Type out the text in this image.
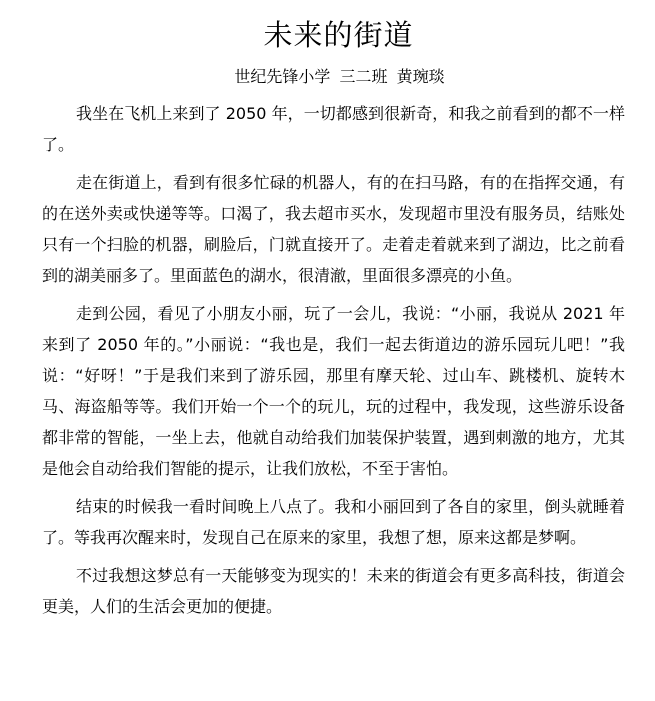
未来的街道
世纪先锋小学 三二班 黄琬琰

我坐在飞机上来到了 2050 年，一切都感到很新奇，和我之前看到的都不一样了。

走在街道上，看到有很多忙碌的机器人，有的在扫马路，有的在指挥交通，有的在送外卖或快递等等。口渴了，我去超市买水，发现超市里没有服务员，结账处只有一个扫脸的机器，刷脸后，门就直接开了。走着走着就来到了湖边，比之前看到的湖美丽多了。里面蓝色的湖水，很清澈，里面很多漂亮的小鱼。

走到公园，看见了小朋友小丽，玩了一会儿，我说：“小丽，我说从 2021 年来到了 2050 年的。”小丽说：“我也是，我们一起去街道边的游乐园玩儿吧！”我说：“好呀！”于是我们来到了游乐园，那里有摩天轮、过山车、跳楼机、旋转木马、海盗船等等。我们开始一个一个的玩儿，玩的过程中，我发现，这些游乐设备都非常的智能，一坐上去，他就自动给我们加装保护装置，遇到刺激的地方，尤其是他会自动给我们智能的提示，让我们放松，不至于害怕。

结束的时候我一看时间晚上八点了。我和小丽回到了各自的家里，倒头就睡着了。等我再次醒来时，发现自己在原来的家里，我想了想，原来这都是梦啊。

不过我想这梦总有一天能够变为现实的！未来的街道会有更多高科技，街道会更美，人们的生活会更加的便捷。
